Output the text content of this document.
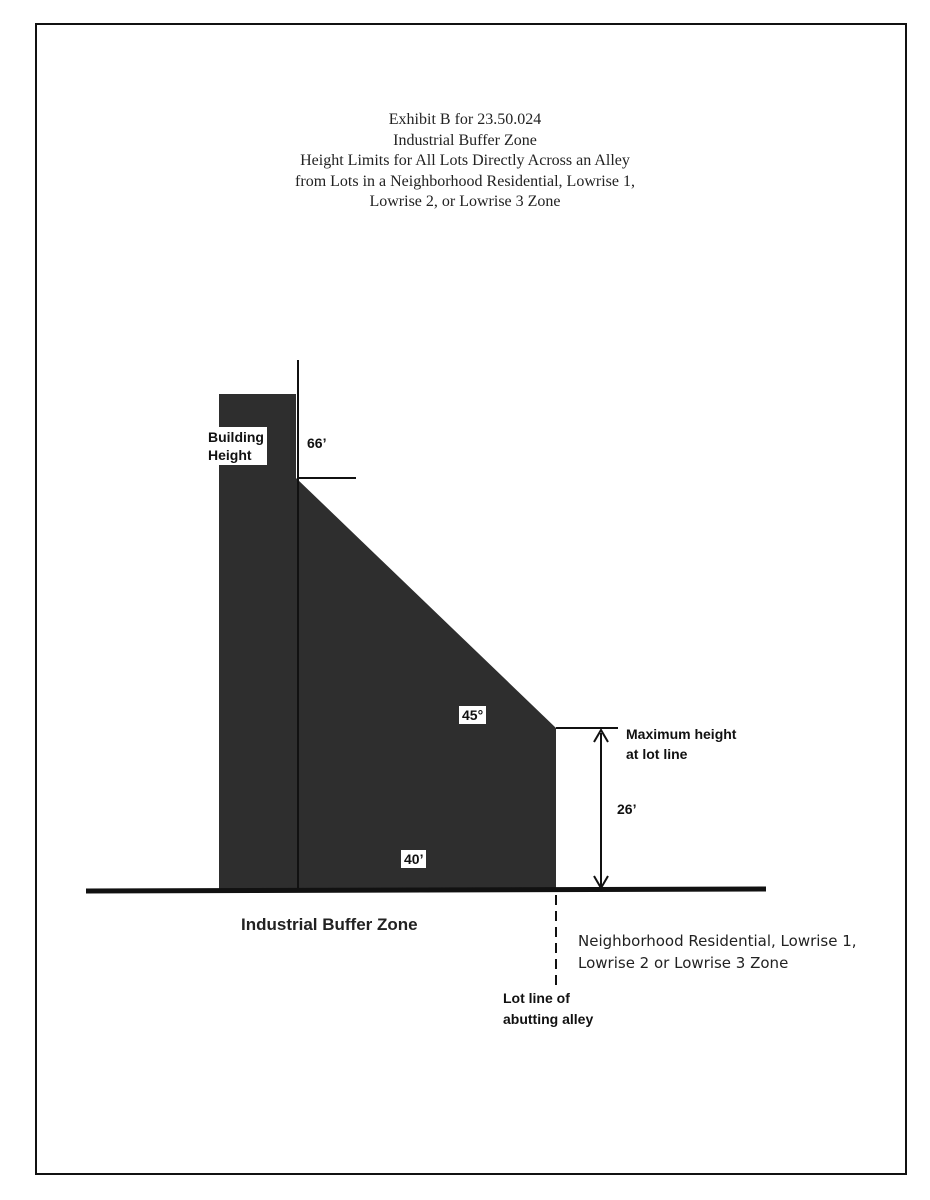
Exhibit B for 23.50.024
Industrial Buffer Zone
Height Limits for All Lots Directly Across an Alley
from Lots in a Neighborhood Residential, Lowrise 1,
Lowrise 2, or Lowrise 3 Zone
Building
Height
66’
45°
Maximum height
at lot line
26’
40’
Industrial Buffer Zone
Neighborhood Residential, Lowrise 1, Lowrise 2 or Lowrise 3 Zone
Lot line of
abutting alley
